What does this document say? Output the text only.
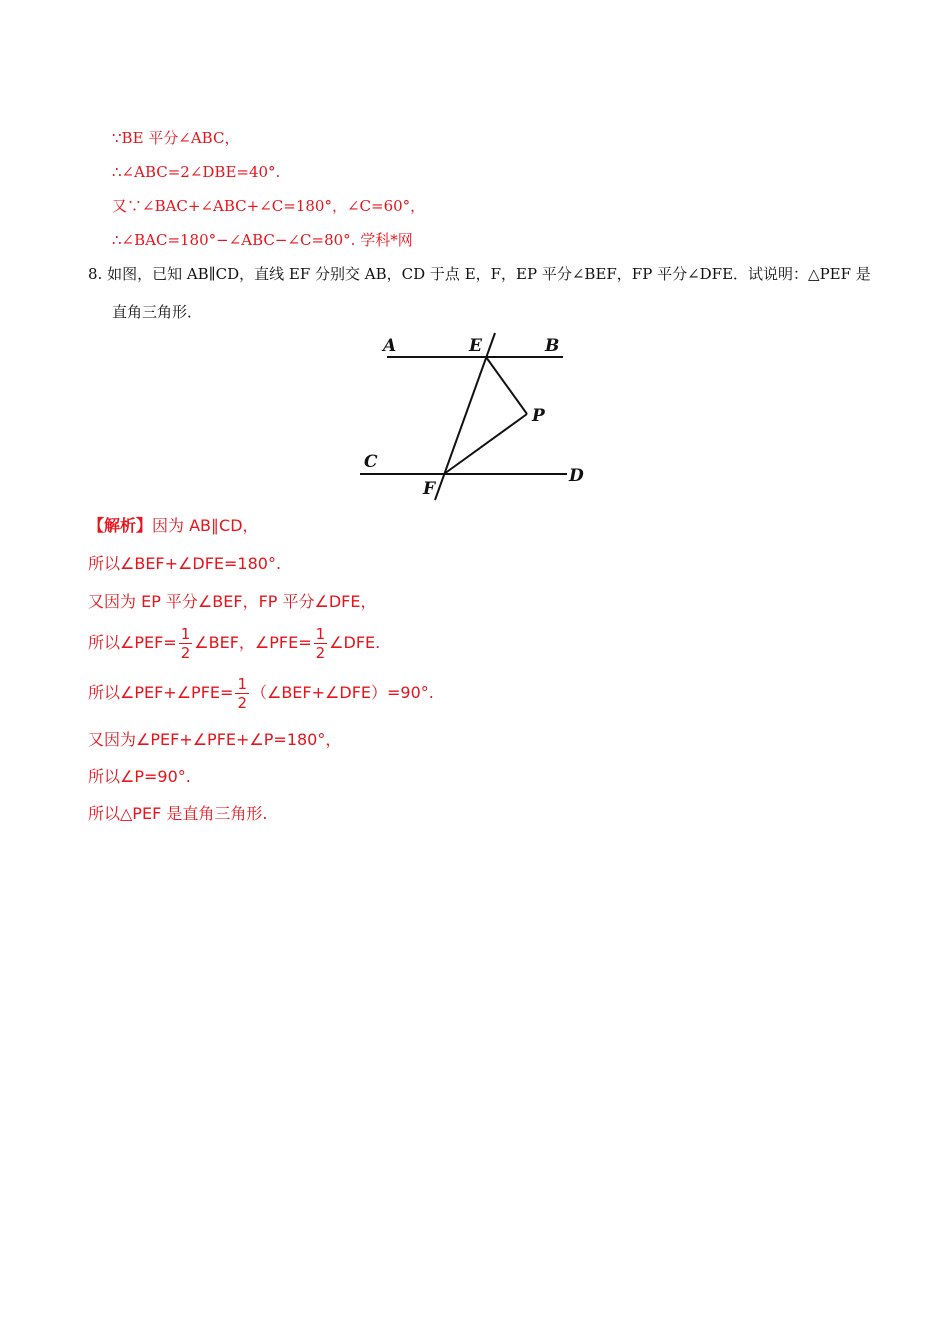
∵BE 平分∠ABC，
∴∠ABC=2∠DBE=40°.
又∵∠BAC+∠ABC+∠C=180°，∠C=60°，
∴∠BAC=180°−∠ABC−∠C=80°. 学科*网
8. 如图，已知 AB∥CD，直线 EF 分别交 AB，CD 于点 E，F，EP 平分∠BEF，FP 平分∠DFE．试说明：△PEF 是
直角三角形．
A	E	B
P
C
F
D
【解析】因为 AB∥CD，
所以∠BEF+∠DFE=180°.
又因为 EP 平分∠BEF，FP 平分∠DFE，
所以∠PEF= $\frac{1}{2}$ ∠BEF，∠PFE= $\frac{1}{2}$ ∠DFE.
所以∠PEF+∠PFE= $\frac{1}{2}$ （∠BEF+∠DFE）=90°.
又因为∠PEF+∠PFE+∠P=180°，
所以∠P=90°.
所以△PEF 是直角三角形.
